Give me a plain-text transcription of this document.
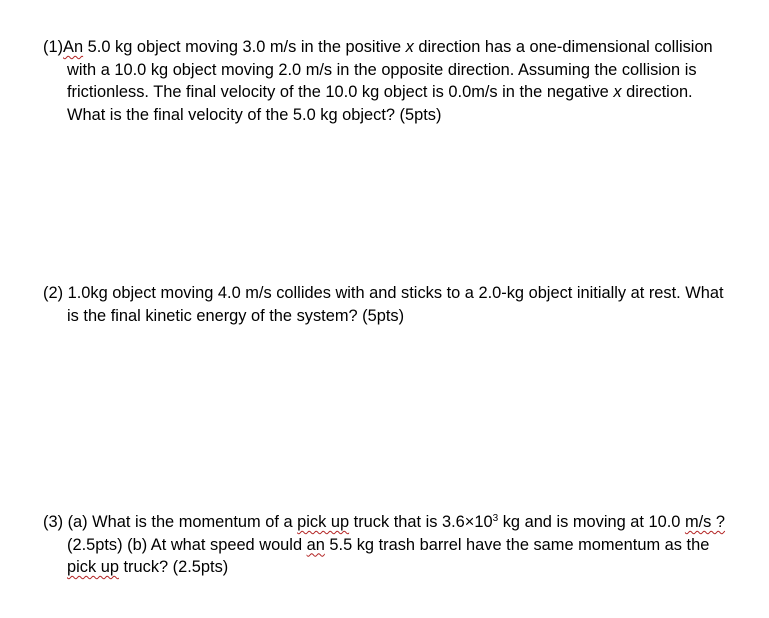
(1)An 5.0 kg object moving 3.0 m/s in the positive x direction has a one-dimensional collision with a 10.0 kg object moving 2.0 m/s in the opposite direction. Assuming the collision is frictionless. The final velocity of the 10.0 kg object is 0.0m/s in the negative x direction. What is the final velocity of the 5.0 kg object? (5pts)
(2) 1.0kg object moving 4.0 m/s collides with and sticks to a 2.0-kg object initially at rest. What is the final kinetic energy of the system? (5pts)
(3) (a) What is the momentum of a pick up truck that is $3.6\times 10^3$ kg and is moving at 10.0 m/s ? (2.5pts) (b) At what speed would an 5.5 kg trash barrel have the same momentum as the pick up truck? (2.5pts)
